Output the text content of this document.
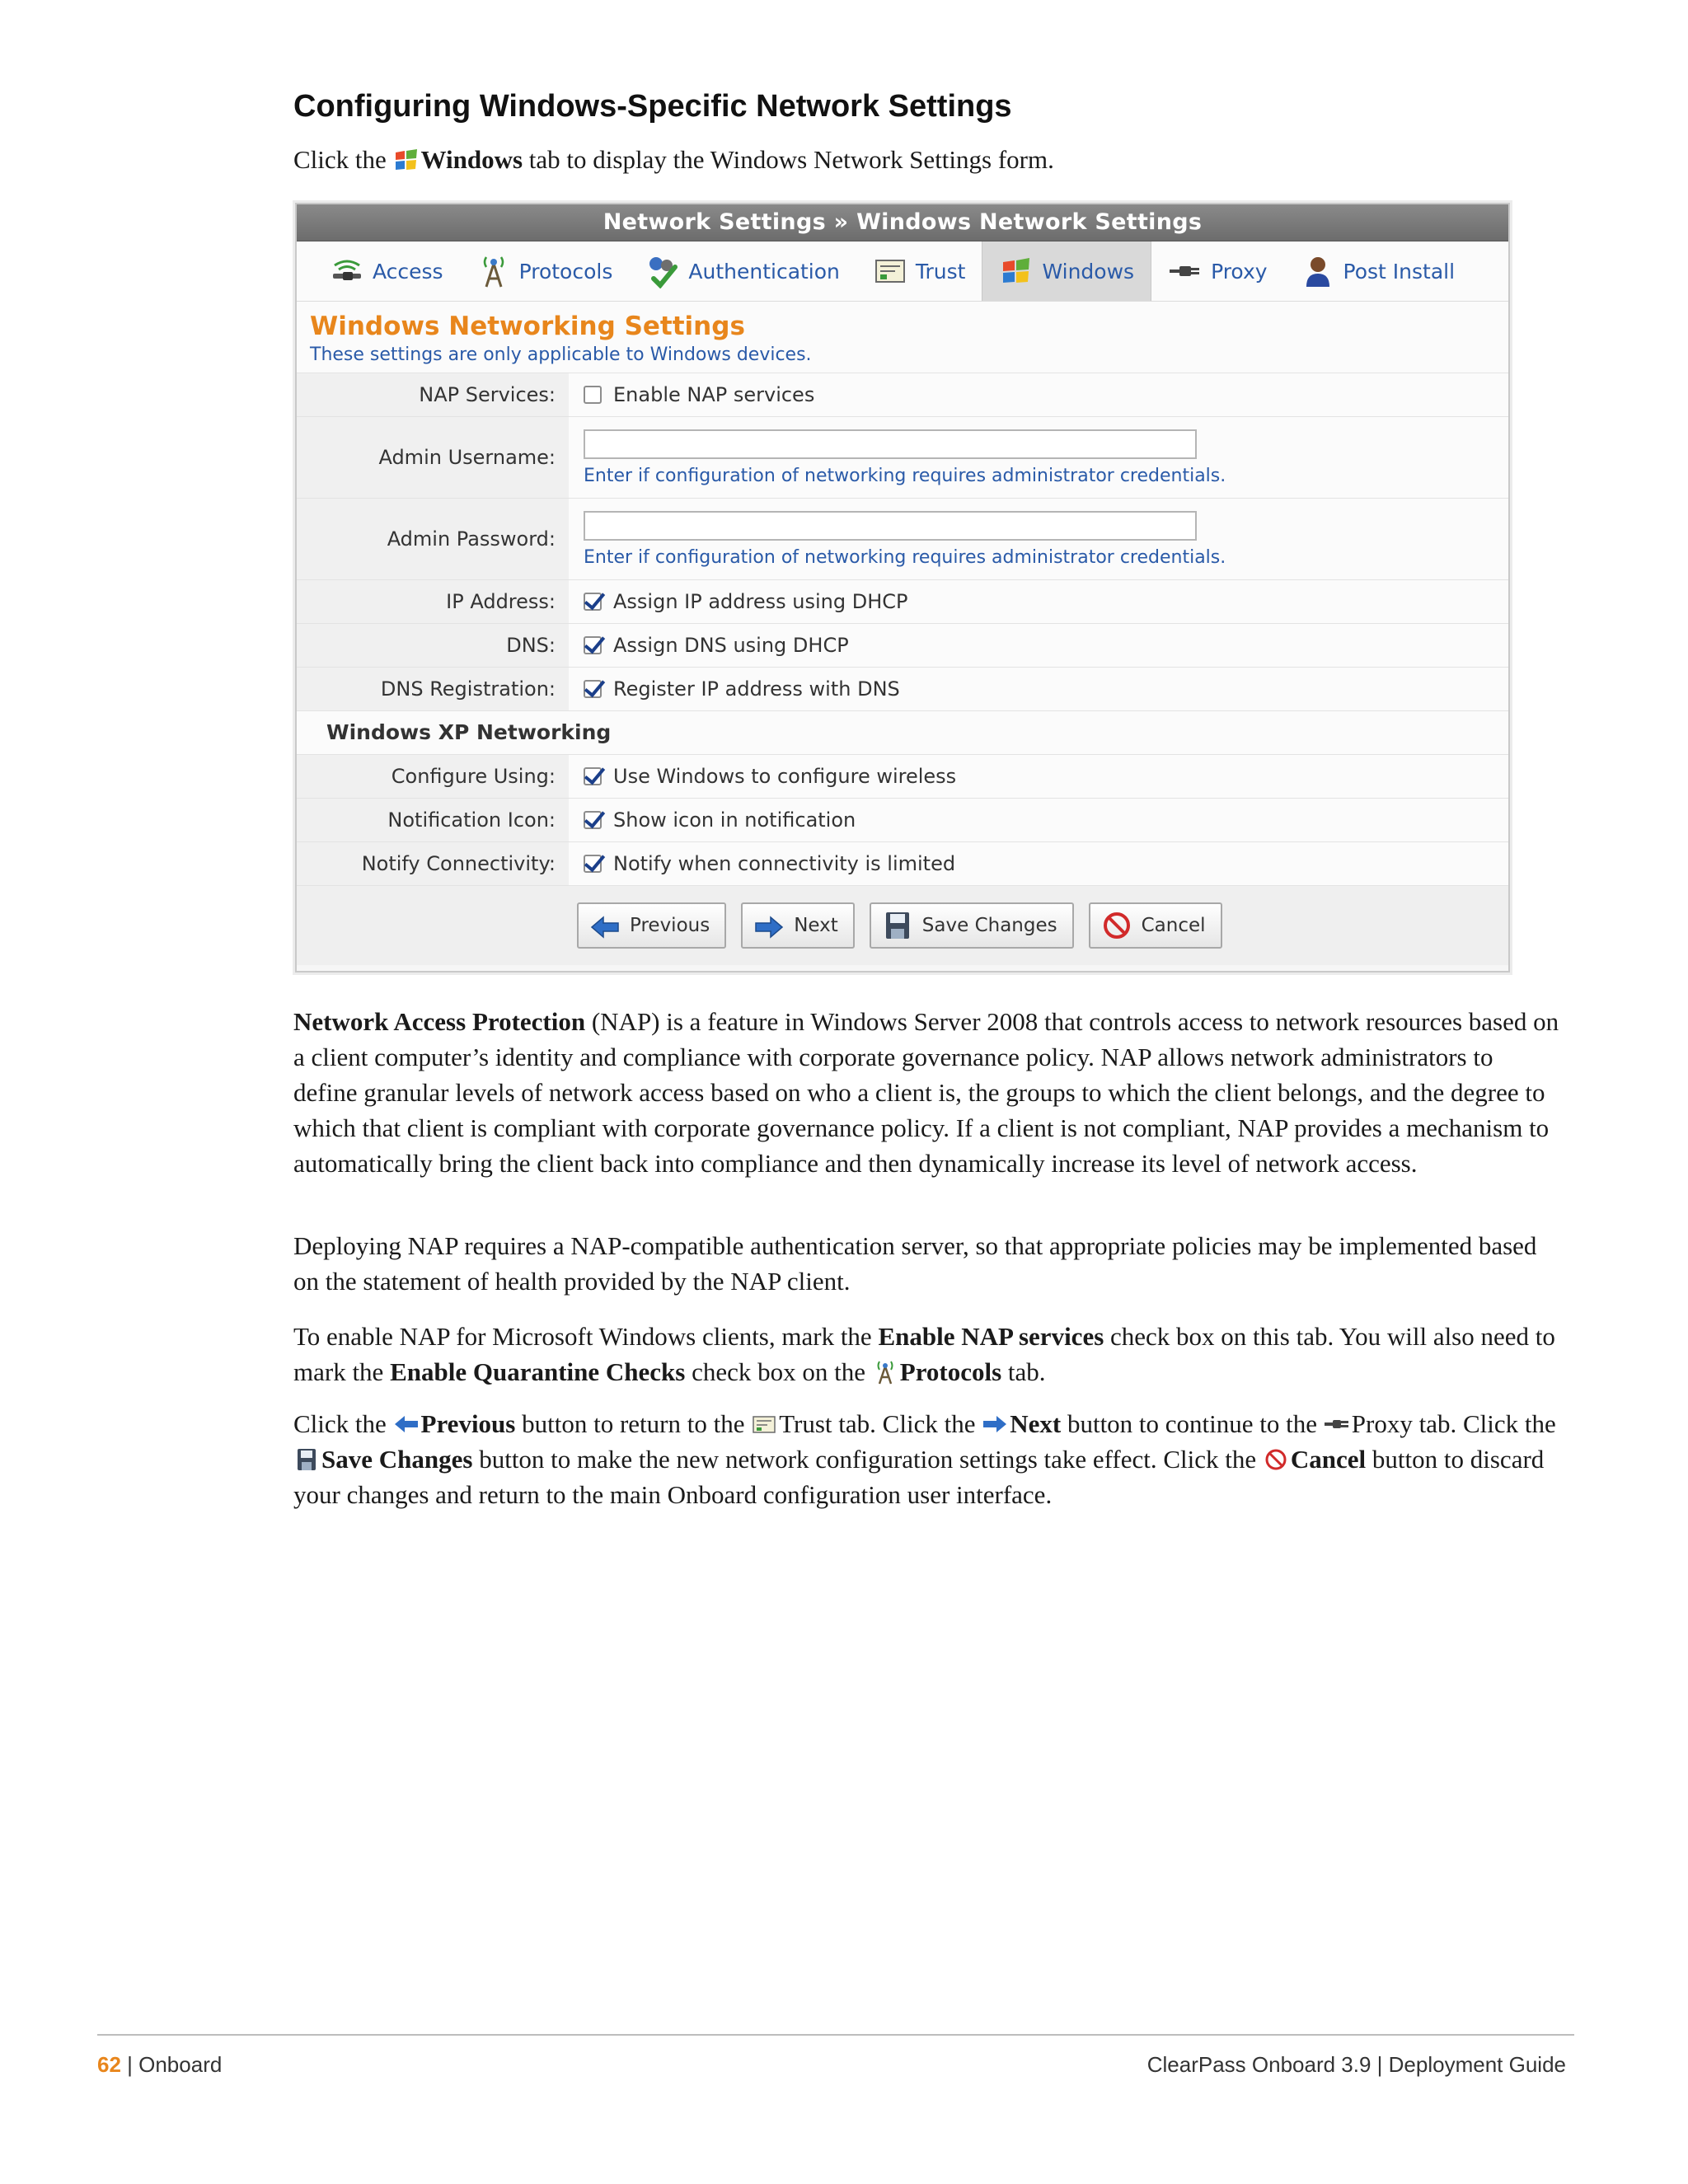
Configuring Windows-Specific Network Settings
Click the
Windows tab to display the Windows Network Settings form.
Network Settings » Windows Network Settings
Access	Protocols	Authentication	Trust	Windows	Proxy	Post Install
Windows Networking Settings
These settings are only applicable to Windows devices.
NAP Services:	Enable NAP services
Admin Username:
Enter if configuration of networking requires administrator credentials.
Admin Password:
Enter if configuration of networking requires administrator credentials.
IP Address:	Assign IP address using DHCP
DNS:	Assign DNS using DHCP
DNS Registration:	Register IP address with DNS
Windows XP Networking
Configure Using:	Use Windows to configure wireless
Notification Icon:	Show icon in notification
Notify Connectivity:	Notify when connectivity is limited
Previous	Next	Save Changes	Cancel

Network Access Protection (NAP) is a feature in Windows Server 2008 that controls access to network resources based on a client computer’s identity and compliance with corporate governance policy. NAP allows network administrators to define granular levels of network access based on who a client is, the groups to which the client belongs, and the degree to which that client is compliant with corporate governance policy. If a client is not compliant, NAP provides a mechanism to automatically bring the client back into compliance and then dynamically increase its level of network access.

Deploying NAP requires a NAP-compatible authentication server, so that appropriate policies may be implemented based on the statement of health provided by the NAP client.

To enable NAP for Microsoft Windows clients, mark the Enable NAP services check box on this tab. You will also need to mark the Enable Quarantine Checks check box on the
Protocols tab.

Click the
Previous button to return to the
Trust tab. Click the
Next button to continue to the
Proxy tab. Click the
Save Changes button to make the new network configuration settings take effect. Click the
Cancel button to discard your changes and return to the main Onboard configuration user interface.

62 | Onboard	ClearPass Onboard 3.9 | Deployment Guide
